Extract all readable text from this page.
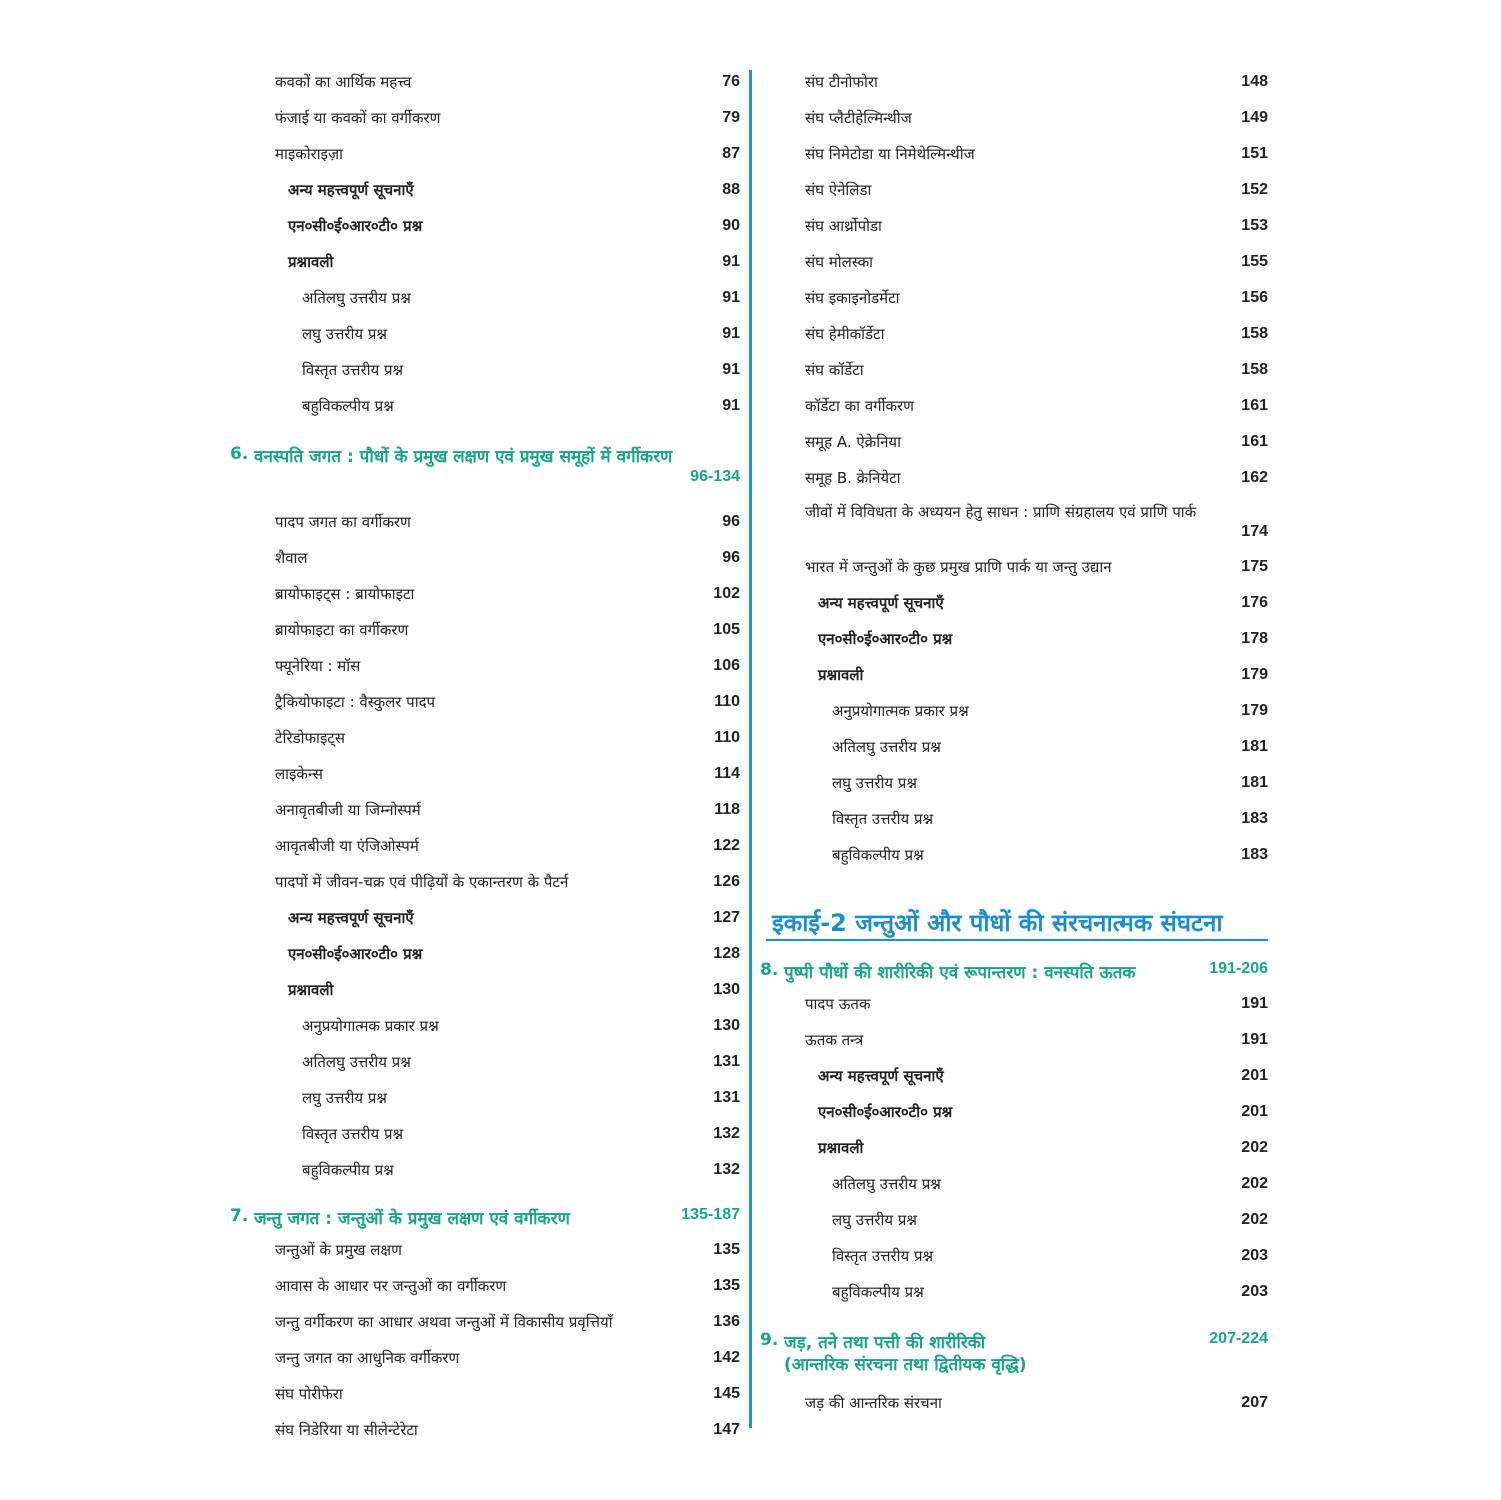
कवकों का आर्थिक महत्त्व	76
फंजाई या कवकों का वर्गीकरण	79
माइकोराइज़ा	87
अन्य महत्त्वपूर्ण सूचनाएँ	88
एन०सी०ई०आर०टी० प्रश्न	90
प्रश्नावली	91
अतिलघु उत्तरीय प्रश्न	91
लघु उत्तरीय प्रश्न	91
विस्तृत उत्तरीय प्रश्न	91
बहुविकल्पीय प्रश्न	91
6. वनस्पति जगत : पौधों के प्रमुख लक्षण एवं प्रमुख समूहों में वर्गीकरण
96-134
पादप जगत का वर्गीकरण	96
शैवाल	96
ब्रायोफाइट्स : ब्रायोफाइटा	102
ब्रायोफाइटा का वर्गीकरण	105
फ्यूनेरिया : मॉस	106
ट्रैकियोफाइटा : वैस्कुलर पादप	110
टेरिडोफाइट्स	110
लाइकेन्स	114
अनावृतबीजी या जिम्नोस्पर्म	118
आवृतबीजी या एंजिओस्पर्म	122
पादपों में जीवन-चक्र एवं पीढ़ियों के एकान्तरण के पैटर्न	126
अन्य महत्त्वपूर्ण सूचनाएँ	127
एन०सी०ई०आर०टी० प्रश्न	128
प्रश्नावली	130
अनुप्रयोगात्मक प्रकार प्रश्न	130
अतिलघु उत्तरीय प्रश्न	131
लघु उत्तरीय प्रश्न	131
विस्तृत उत्तरीय प्रश्न	132
बहुविकल्पीय प्रश्न	132
7. जन्तु जगत : जन्तुओं के प्रमुख लक्षण एवं वर्गीकरण	135-187
जन्तुओं के प्रमुख लक्षण	135
आवास के आधार पर जन्तुओं का वर्गीकरण	135
जन्तु वर्गीकरण का आधार अथवा जन्तुओं में विकासीय प्रवृत्तियाँ	136
जन्तु जगत का आधुनिक वर्गीकरण	142
संघ पोरीफेरा	145
संघ निडेरिया या सीलेन्टेरेटा	147
संघ टीनोफोरा	148
संघ प्लैटीहेल्मिन्थीज	149
संघ निमेटोडा या निमेथेल्मिन्थीज	151
संघ ऐनेलिडा	152
संघ आर्थ्रोपोडा	153
संघ मोलस्का	155
संघ इकाइनोडर्मेटा	156
संघ हेमीकॉर्डेटा	158
संघ कॉर्डेटा	158
कॉर्डेटा का वर्गीकरण	161
समूह A. ऐक्रेनिया	161
समूह B. क्रेनियेटा	162
जीवों में विविधता के अध्ययन हेतु साधन : प्राणि संग्रहालय एवं प्राणि पार्क
174
भारत में जन्तुओं के कुछ प्रमुख प्राणि पार्क या जन्तु उद्यान	175
अन्य महत्त्वपूर्ण सूचनाएँ	176
एन०सी०ई०आर०टी० प्रश्न	178
प्रश्नावली	179
अनुप्रयोगात्मक प्रकार प्रश्न	179
अतिलघु उत्तरीय प्रश्न	181
लघु उत्तरीय प्रश्न	181
विस्तृत उत्तरीय प्रश्न	183
बहुविकल्पीय प्रश्न	183
इकाई-2 जन्तुओं और पौधों की संरचनात्मक संघटना
8. पुष्पी पौधों की शारीरिकी एवं रूपान्तरण : वनस्पति ऊतक	191-206
पादप ऊतक	191
ऊतक तन्त्र	191
अन्य महत्त्वपूर्ण सूचनाएँ	201
एन०सी०ई०आर०टी० प्रश्न	201
प्रश्नावली	202
अतिलघु उत्तरीय प्रश्न	202
लघु उत्तरीय प्रश्न	202
विस्तृत उत्तरीय प्रश्न	203
बहुविकल्पीय प्रश्न	203
9. जड़, तने तथा पत्ती की शारीरिकी
(आन्तरिक संरचना तथा द्वितीयक वृद्धि)
207-224
जड़ की आन्तरिक संरचना	207
